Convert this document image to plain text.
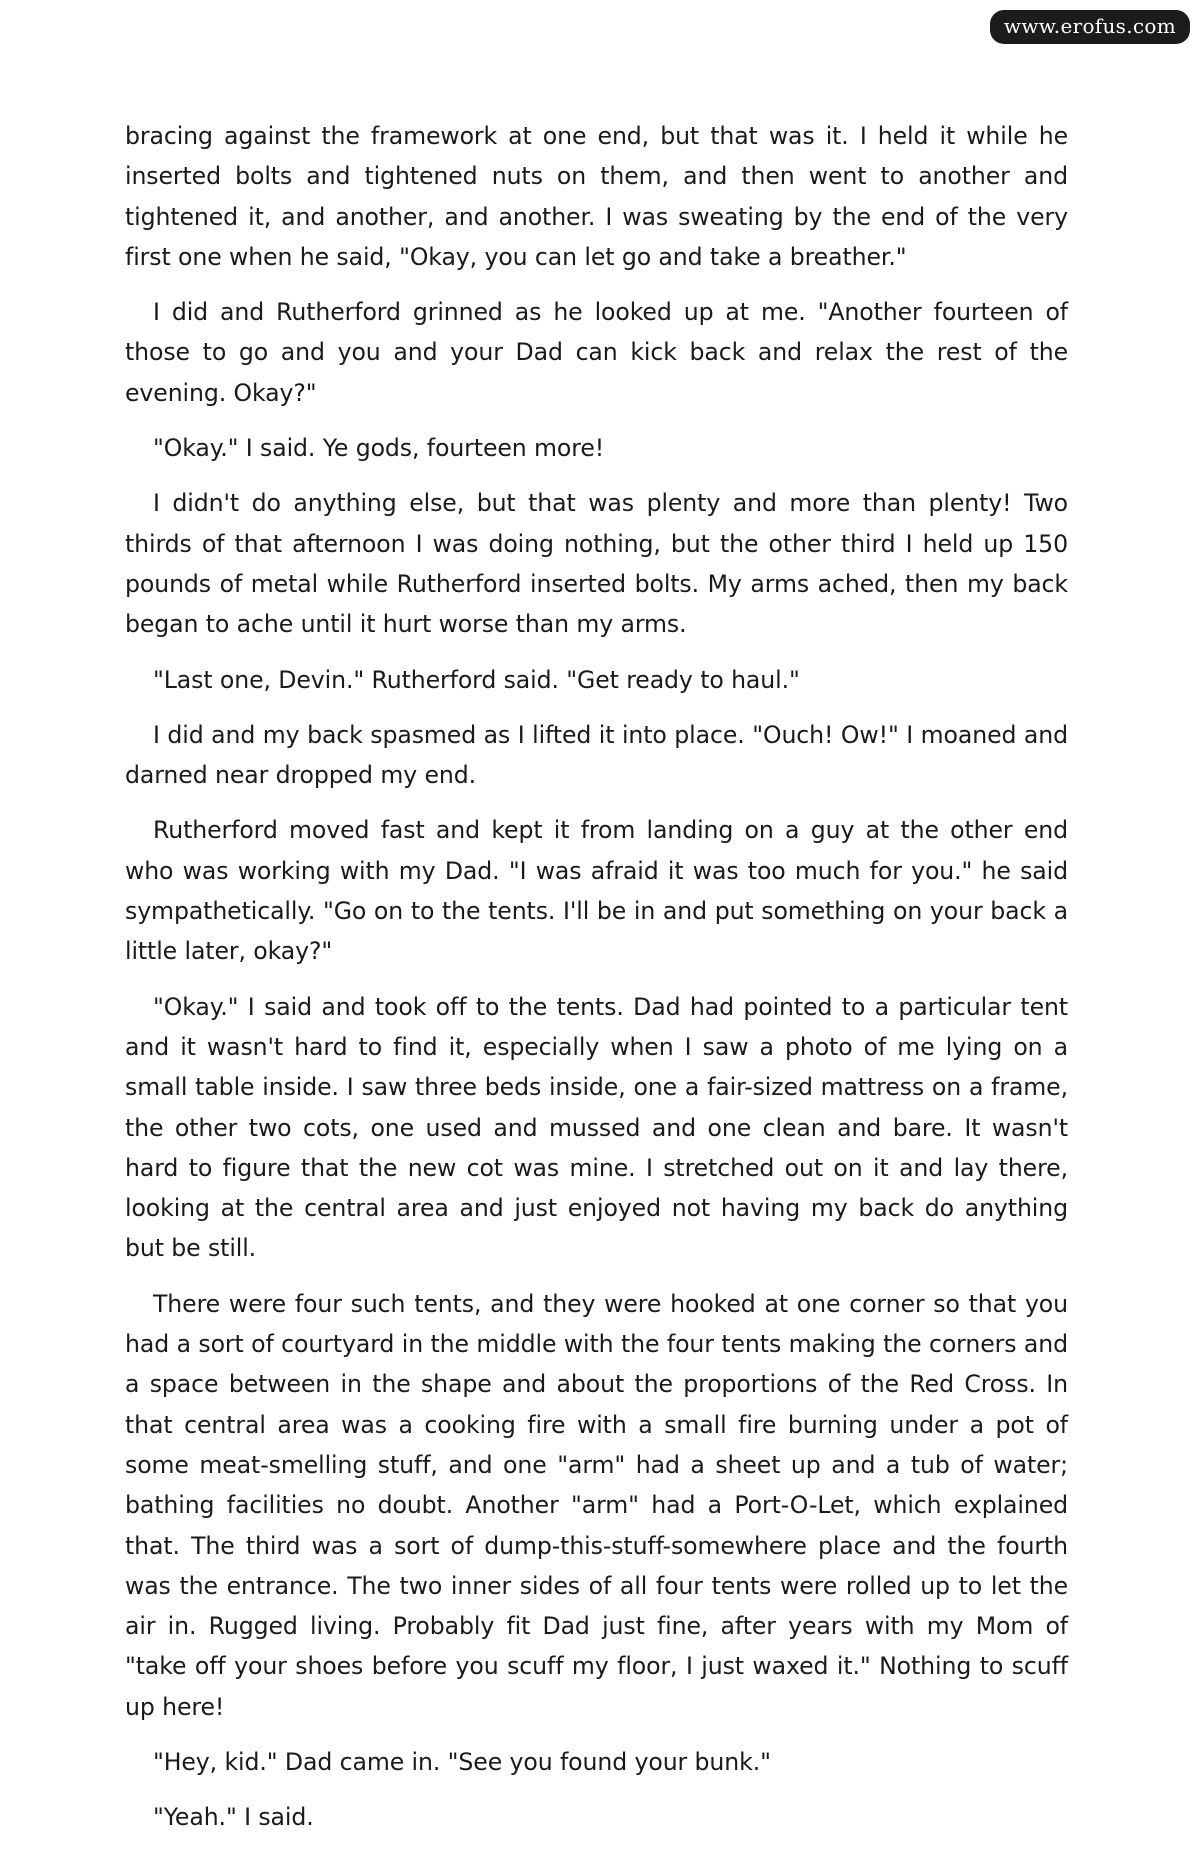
www.erofus.com

bracing against the framework at one end, but that was it. I held it while he inserted bolts and tightened nuts on them, and then went to another and tightened it, and another, and another. I was sweating by the end of the very first one when he said, "Okay, you can let go and take a breather."

I did and Rutherford grinned as he looked up at me. "Another fourteen of those to go and you and your Dad can kick back and relax the rest of the evening. Okay?"

"Okay." I said. Ye gods, fourteen more!

I didn't do anything else, but that was plenty and more than plenty! Two thirds of that afternoon I was doing nothing, but the other third I held up 150 pounds of metal while Rutherford inserted bolts. My arms ached, then my back began to ache until it hurt worse than my arms.

"Last one, Devin." Rutherford said. "Get ready to haul."

I did and my back spasmed as I lifted it into place. "Ouch! Ow!" I moaned and darned near dropped my end.

Rutherford moved fast and kept it from landing on a guy at the other end who was working with my Dad. "I was afraid it was too much for you." he said sympathetically. "Go on to the tents. I'll be in and put something on your back a little later, okay?"

"Okay." I said and took off to the tents. Dad had pointed to a particular tent and it wasn't hard to find it, especially when I saw a photo of me lying on a small table inside. I saw three beds inside, one a fair-sized mattress on a frame, the other two cots, one used and mussed and one clean and bare. It wasn't hard to figure that the new cot was mine. I stretched out on it and lay there, looking at the central area and just enjoyed not having my back do anything but be still.

There were four such tents, and they were hooked at one corner so that you had a sort of courtyard in the middle with the four tents making the corners and a space between in the shape and about the proportions of the Red Cross. In that central area was a cooking fire with a small fire burning under a pot of some meat-smelling stuff, and one "arm" had a sheet up and a tub of water; bathing facilities no doubt. Another "arm" had a Port-O-Let, which explained that. The third was a sort of dump-this-stuff-somewhere place and the fourth was the entrance. The two inner sides of all four tents were rolled up to let the air in. Rugged living. Probably fit Dad just fine, after years with my Mom of "take off your shoes before you scuff my floor, I just waxed it." Nothing to scuff up here!

"Hey, kid." Dad came in. "See you found your bunk."

"Yeah." I said.
